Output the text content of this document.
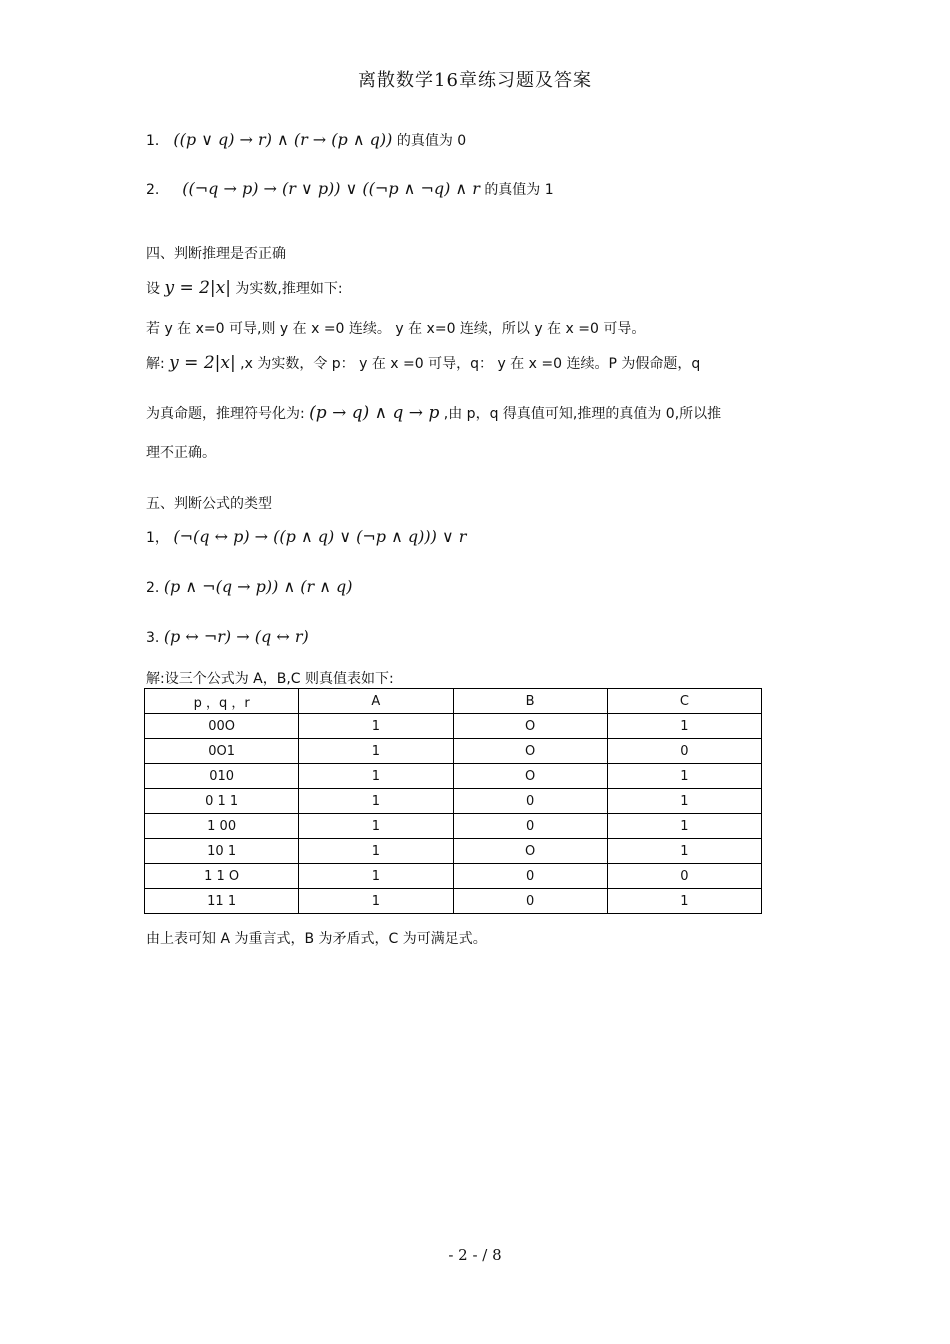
离散数学16章练习题及答案
1． ((p ∨ q) → r) ∧ (r → (p ∧ q)) 的真值为 0
2. ((¬q → p) → (r ∨ p)) ∨ ((¬p ∧ ¬q) ∧ r 的真值为 1
四、判断推理是否正确
设 y = 2|x| 为实数,推理如下:
若 y 在 x=0 可导,则 y 在 x =0 连续。 y 在 x=0 连续，所以 y 在 x =0 可导。
解: y = 2|x| ,x 为实数，令 p： y 在 x =0 可导，q： y 在 x =0 连续。P 为假命题，q
为真命题，推理符号化为: (p → q) ∧ q → p ,由 p，q 得真值可知,推理的真值为 0,所以推
理不正确。
五、判断公式的类型
1， (¬(q ↔ p) → ((p ∧ q) ∨ (¬p ∧ q))) ∨ r
2. (p ∧ ¬(q → p)) ∧ (r ∧ q)
3. (p ↔ ¬r) → (q ↔ r)
解:设三个公式为 A，B,C 则真值表如下:
p ，q ，r	A	B	C
00O	1	O	1
0O1	1	O	0
010	1	O	1
0 1 1	1	0	1
1 00	1	0	1
10 1	1	O	1
1 1 O	1	0	0
11 1	1	0	1
由上表可知 A 为重言式，B 为矛盾式，C 为可满足式。
- 2 - / 8
